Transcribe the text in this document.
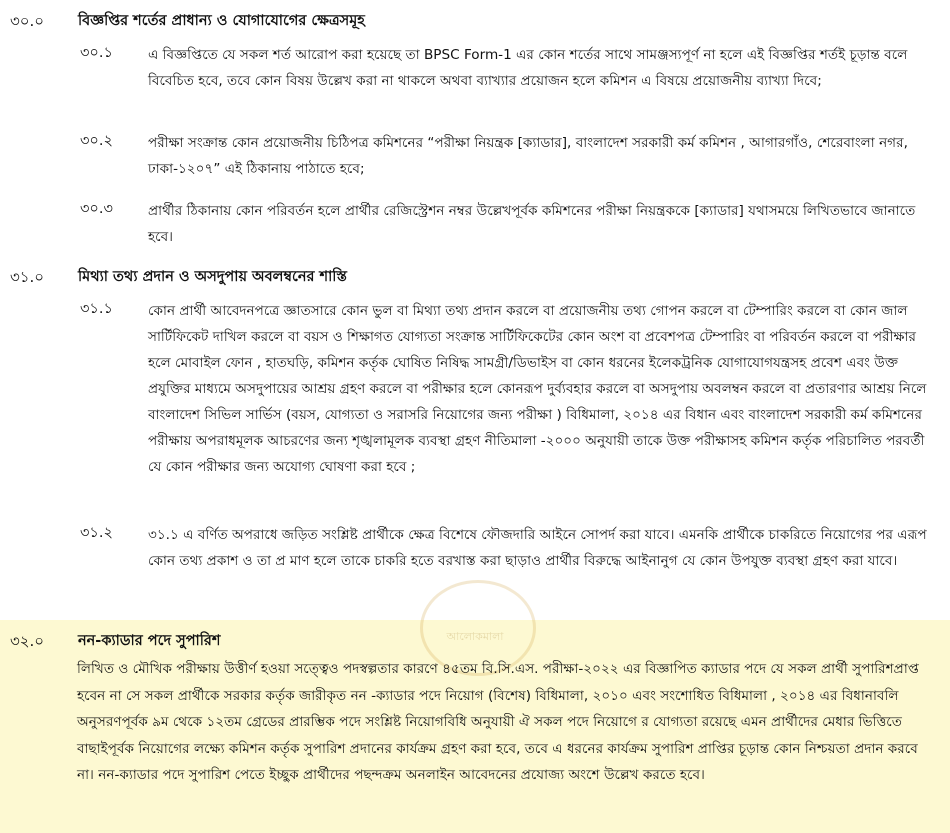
৩০.০ বিজ্ঞপ্তির শর্তের প্রাধান্য ও যোগাযোগের ক্ষেত্রসমূহ
৩০.১	এ বিজ্ঞপ্তিতে যে সকল শর্ত আরোপ করা হয়েছে তা BPSC Form-1 এর কোন শর্তের সাথে সামঞ্জস্যপূর্ণ না হলে এই বিজ্ঞপ্তির শর্তই চূড়ান্ত বলে বিবেচিত হবে, তবে কোন বিষয় উল্লেখ করা না থাকলে অথবা ব্যাখ্যার প্রয়োজন হলে কমিশন এ বিষয়ে প্রয়োজনীয় ব্যাখ্যা দিবে;
৩০.২	পরীক্ষা সংক্রান্ত কোন প্রয়োজনীয় চিঠিপত্র কমিশনের “পরীক্ষা নিয়ন্ত্রক [ক্যাডার], বাংলাদেশ সরকারী কর্ম কমিশন , আগারগাঁও, শেরেবাংলা নগর, ঢাকা-১২০৭” এই ঠিকানায় পাঠাতে হবে;
৩০.৩	প্রার্থীর ঠিকানায় কোন পরিবর্তন হলে প্রার্থীর রেজিস্ট্রেশন নম্বর উল্লেখপূর্বক কমিশনের পরীক্ষা নিয়ন্ত্রককে [ক্যাডার] যথাসময়ে লিখিতভাবে জানাতে হবে।
৩১.০ মিথ্যা তথ্য প্রদান ও অসদুপায় অবলম্বনের শাস্তি
৩১.১	কোন প্রার্থী আবেদনপত্রে জ্ঞাতসারে কোন ভুল বা মিথ্যা তথ্য প্রদান করলে বা প্রয়োজনীয় তথ্য গোপন করলে বা টেম্পারিং করলে বা কোন জাল সার্টিফিকেট দাখিল করলে বা বয়স ও শিক্ষাগত যোগ্যতা সংক্রান্ত সার্টিফিকেটের কোন অংশ বা প্রবেশপত্র টেম্পারিং বা পরিবর্তন করলে বা পরীক্ষার হলে মোবাইল ফোন , হাতঘড়ি, কমিশন কর্তৃক ঘোষিত নিষিদ্ধ সামগ্রী/ডিভাইস বা কোন ধরনের ইলেকট্রনিক যোগাযোগযন্ত্রসহ প্রবেশ এবং উক্ত প্রযুক্তির মাধ্যমে অসদুপায়ের আশ্রয় গ্রহণ করলে বা পরীক্ষার হলে কোনরূপ দুর্ব্যবহার করলে বা অসদুপায় অবলম্বন করলে বা প্রতারণার আশ্রয় নিলে বাংলাদেশ সিভিল সার্ভিস (বয়স, যোগ্যতা ও সরাসরি নিয়োগের জন্য পরীক্ষা ) বিধিমালা, ২০১৪ এর বিধান এবং বাংলাদেশ সরকারী কর্ম কমিশনের পরীক্ষায় অপরাধমূলক আচরণের জন্য শৃঙ্খলামূলক ব্যবস্থা গ্রহণ নীতিমালা -২০০০ অনুযায়ী তাকে উক্ত পরীক্ষাসহ কমিশন কর্তৃক পরিচালিত পরবর্তী যে কোন পরীক্ষার জন্য অযোগ্য ঘোষণা করা হবে ;
৩১.২	৩১.১ এ বর্ণিত অপরাধে জড়িত সংশ্লিষ্ট প্রার্থীকে ক্ষেত্র বিশেষে ফৌজদারি আইনে সোপর্দ করা যাবে। এমনকি প্রার্থীকে চাকরিতে নিয়োগের পর এরূপ কোন তথ্য প্রকাশ ও তা প্র মাণ হলে তাকে চাকরি হতে বরখাস্ত করা ছাড়াও প্রার্থীর বিরুদ্ধে আইনানুগ যে কোন উপযুক্ত ব্যবস্থা গ্রহণ করা যাবে।
আলোকমালা
৩২.০ নন-ক্যাডার পদে সুপারিশ
লিখিত ও মৌখিক পরীক্ষায় উত্তীর্ণ হওয়া সত্ত্বেও পদস্বল্পতার কারণে ৪৫তম বি.সি.এস. পরীক্ষা-২০২২ এর বিজ্ঞাপিত ক্যাডার পদে যে সকল প্রার্থী সুপারিশপ্রাপ্ত হবেন না সে সকল প্রার্থীকে সরকার কর্তৃক জারীকৃত নন -ক্যাডার পদে নিয়োগ (বিশেষ) বিধিমালা, ২০১০ এবং সংশোধিত বিধিমালা , ২০১৪ এর বিধানাবলি অনুসরণপূর্বক ৯ম থেকে ১২তম গ্রেডের প্রারম্ভিক পদে সংশ্লিষ্ট নিয়োগবিধি অনুযায়ী ঐ সকল পদে নিয়োগে র যোগ্যতা রয়েছে এমন প্রার্থীদের মেধার ভিত্তিতে বাছাইপূর্বক নিয়োগের লক্ষ্যে কমিশন কর্তৃক সুপারিশ প্রদানের কার্যক্রম গ্রহণ করা হবে, তবে এ ধরনের কার্যক্রম সুপারিশ প্রাপ্তির চূড়ান্ত কোন নিশ্চয়তা প্রদান করবে না। নন-ক্যাডার পদে সুপারিশ পেতে ইচ্ছুক প্রার্থীদের পছন্দক্রম অনলাইন আবেদনের প্রযোজ্য অংশে উল্লেখ করতে হবে।
